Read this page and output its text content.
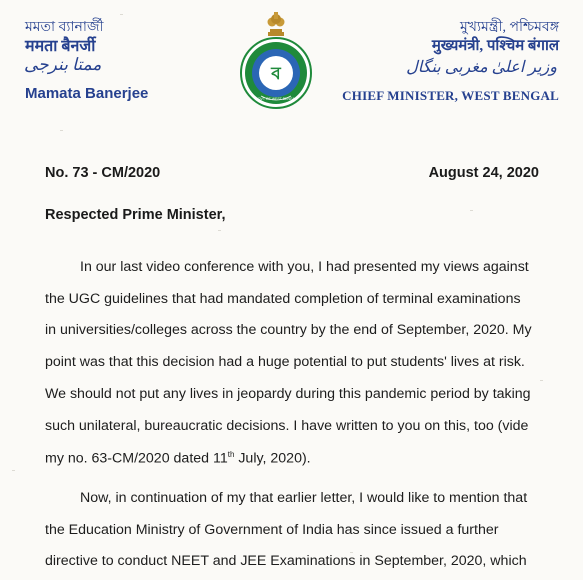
মমতা ব্যানার্জী
ममता बैनर्जी
ممتا بنرجی
Mamata Banerjee
ব
GOVT OF WEST BENGAL
মুখ্যমন্ত্রী, পশ্চিমবঙ্গ
मुख्यमंत्री, पश्चिम बंगाल
وزیر اعلیٰ مغربی بنگال
CHIEF MINISTER, WEST BENGAL
No. 73 - CM/2020	August 24, 2020
Respected Prime Minister,
In our last video conference with you, I had presented my views against
the UGC guidelines that had mandated completion of terminal examinations
in universities/colleges across the country by the end of September, 2020. My
point was that this decision had a huge potential to put students' lives at risk.
We should not put any lives in jeopardy during this pandemic period by taking
such unilateral, bureaucratic decisions. I have written to you on this, too (vide
my no. 63-CM/2020 dated 11th July, 2020).
Now, in continuation of my that earlier letter, I would like to mention that
the Education Ministry of Government of India has since issued a further
directive to conduct NEET and JEE Examinations in September, 2020, which
